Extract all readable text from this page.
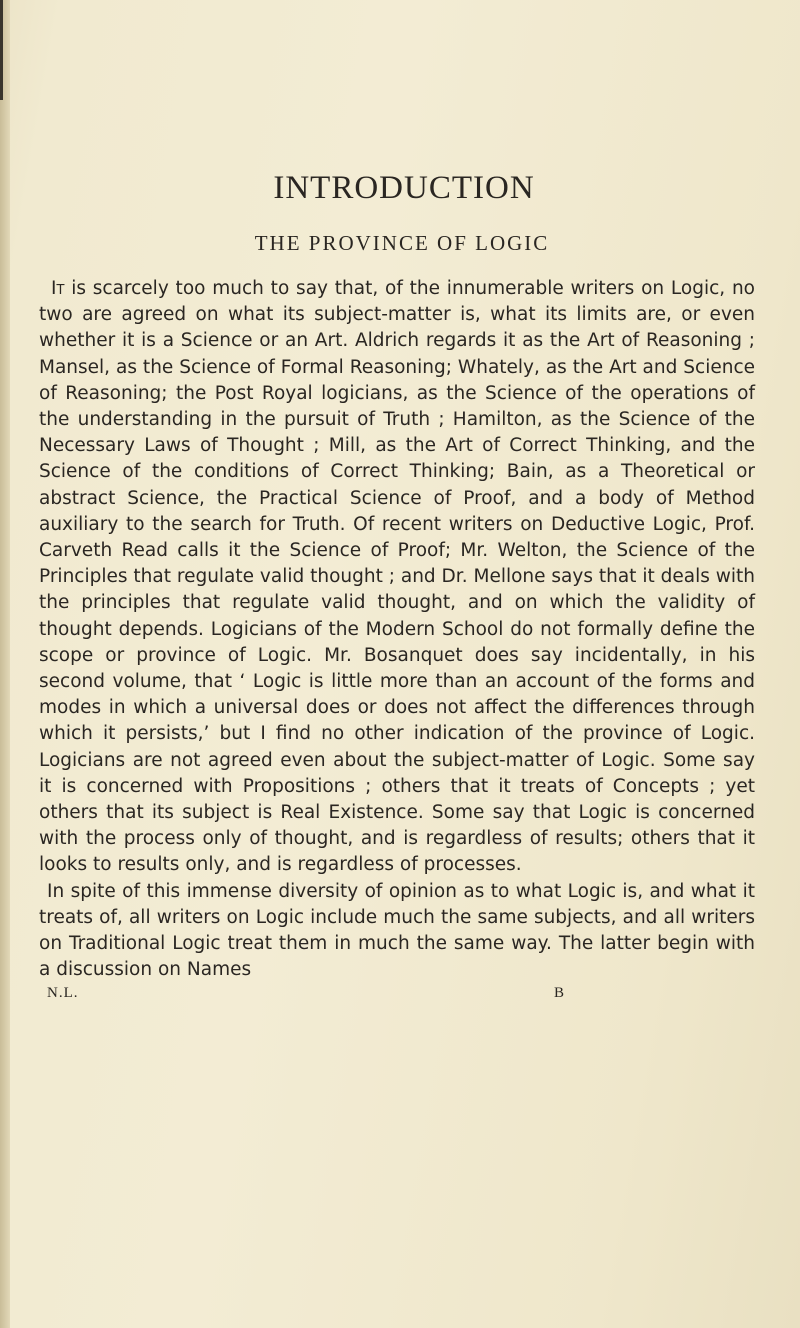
INTRODUCTION
THE PROVINCE OF LOGIC

It is scarcely too much to say that, of the innumerable writers on Logic, no two are agreed on what its subject-matter is, what its limits are, or even whether it is a Science or an Art. Aldrich regards it as the Art of Reasoning ; Mansel, as the Science of Formal Reasoning; Whately, as the Art and Science of Reasoning; the Post Royal logicians, as the Science of the operations of the understanding in the pursuit of Truth ; Hamilton, as the Science of the Necessary Laws of Thought ; Mill, as the Art of Correct Thinking, and the Science of the conditions of Correct Thinking; Bain, as a Theoretical or abstract Science, the Practical Science of Proof, and a body of Method auxiliary to the search for Truth. Of recent writers on Deductive Logic, Prof. Carveth Read calls it the Science of Proof; Mr. Welton, the Science of the Principles that regulate valid thought ; and Dr. Mellone says that it deals with the principles that regulate valid thought, and on which the validity of thought depends. Logicians of the Modern School do not formally define the scope or province of Logic. Mr. Bosanquet does say incidentally, in his second volume, that ‘ Logic is little more than an account of the forms and modes in which a universal does or does not affect the differences through which it persists,’ but I find no other indication of the province of Logic. Logicians are not agreed even about the subject-matter of Logic. Some say it is concerned with Propositions ; others that it treats of Concepts ; yet others that its subject is Real Existence. Some say that Logic is concerned with the process only of thought, and is regardless of results; others that it looks to results only, and is regardless of processes.

In spite of this immense diversity of opinion as to what Logic is, and what it treats of, all writers on Logic include much the same subjects, and all writers on Traditional Logic treat them in much the same way. The latter begin with a discussion on Names

N.L.	B
